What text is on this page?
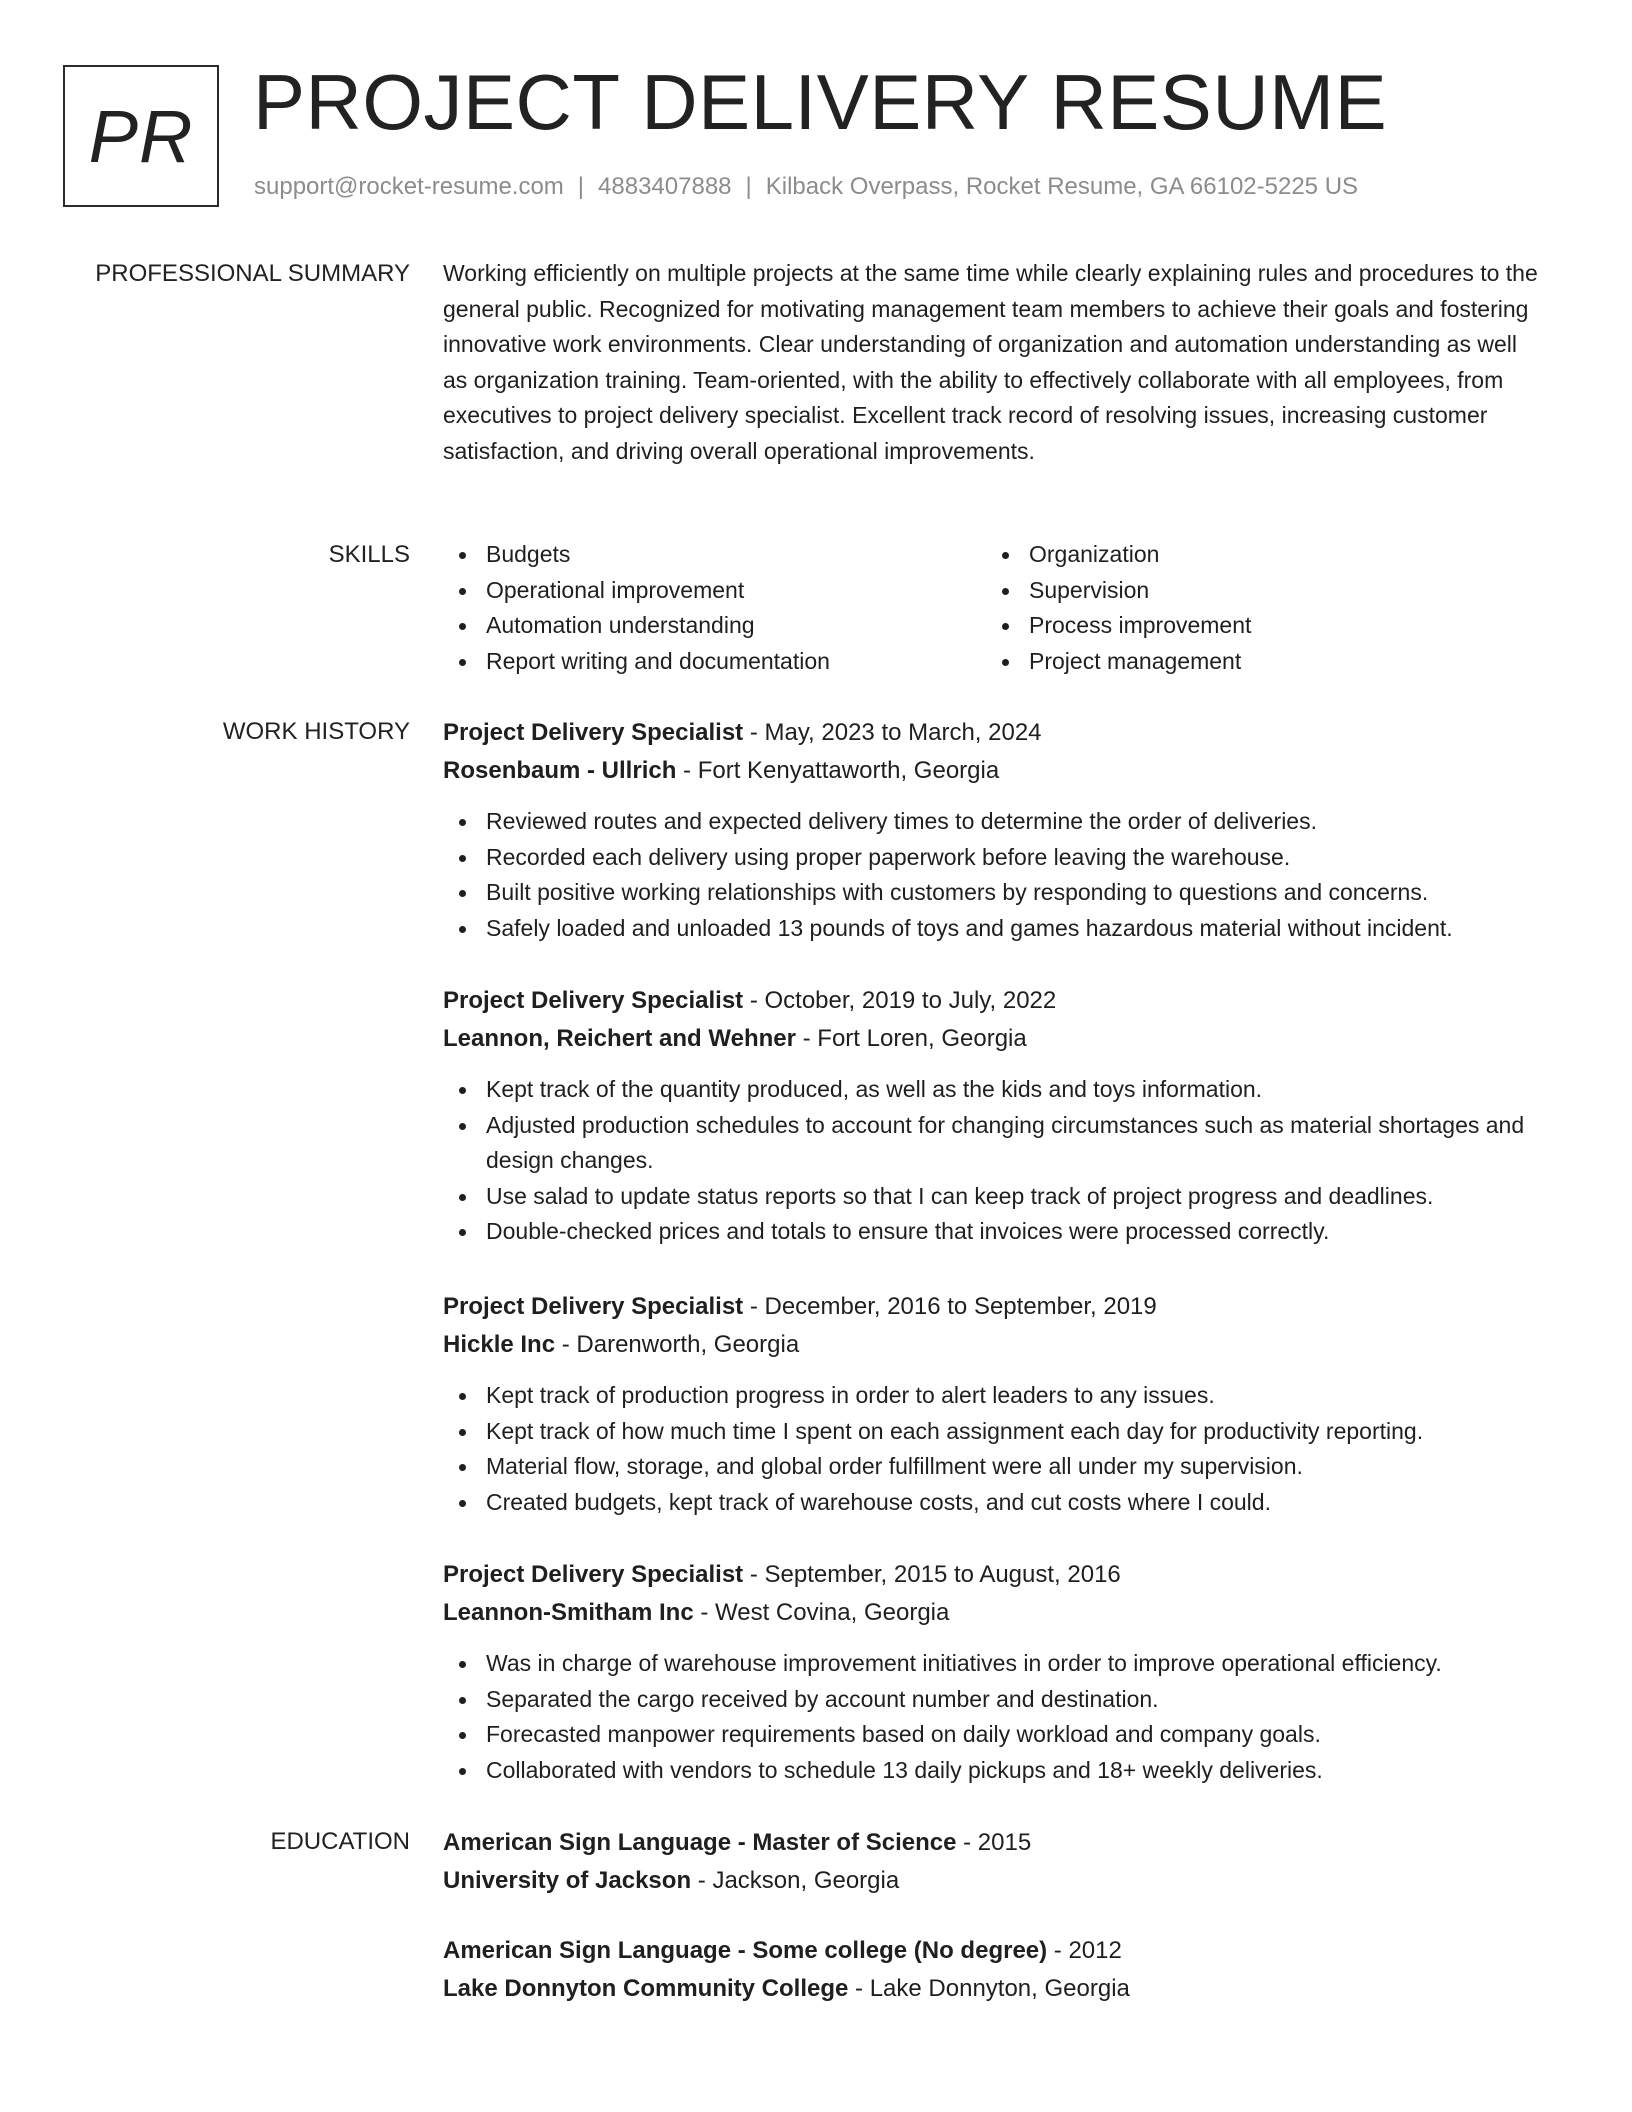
PR PROJECT DELIVERY RESUME
support@rocket-resume.com | 4883407888 | Kilback Overpass, Rocket Resume, GA 66102-5225 US
PROFESSIONAL SUMMARY Working efficiently on multiple projects at the same time while clearly explaining rules and procedures to the general public. Recognized for motivating management team members to achieve their goals and fostering innovative work environments. Clear understanding of organization and automation understanding as well as organization training. Team-oriented, with the ability to effectively collaborate with all employees, from executives to project delivery specialist. Excellent track record of resolving issues, increasing customer satisfaction, and driving overall operational improvements.

SKILLS	Budgets
Operational improvement
Automation understanding
Report writing and documentation
Organization
Supervision
Process improvement
Project management
WORK HISTORY Project Delivery Specialist - May, 2023 to March, 2024
Rosenbaum - Ullrich - Fort Kenyattaworth, Georgia
Reviewed routes and expected delivery times to determine the order of deliveries.
Recorded each delivery using proper paperwork before leaving the warehouse.
Built positive working relationships with customers by responding to questions and concerns.
Safely loaded and unloaded 13 pounds of toys and games hazardous material without incident.
Project Delivery Specialist - October, 2019 to July, 2022
Leannon, Reichert and Wehner - Fort Loren, Georgia
Kept track of the quantity produced, as well as the kids and toys information.
Adjusted production schedules to account for changing circumstances such as material shortages and design changes.
Use salad to update status reports so that I can keep track of project progress and deadlines.
Double-checked prices and totals to ensure that invoices were processed correctly.
Project Delivery Specialist - December, 2016 to September, 2019
Hickle Inc - Darenworth, Georgia
Kept track of production progress in order to alert leaders to any issues.
Kept track of how much time I spent on each assignment each day for productivity reporting.
Material flow, storage, and global order fulfillment were all under my supervision.
Created budgets, kept track of warehouse costs, and cut costs where I could.
Project Delivery Specialist - September, 2015 to August, 2016
Leannon-Smitham Inc - West Covina, Georgia
Was in charge of warehouse improvement initiatives in order to improve operational efficiency.
Separated the cargo received by account number and destination.
Forecasted manpower requirements based on daily workload and company goals.
Collaborated with vendors to schedule 13 daily pickups and 18+ weekly deliveries.
EDUCATION American Sign Language - Master of Science - 2015
University of Jackson - Jackson, Georgia
American Sign Language - Some college (No degree) - 2012
Lake Donnyton Community College - Lake Donnyton, Georgia
